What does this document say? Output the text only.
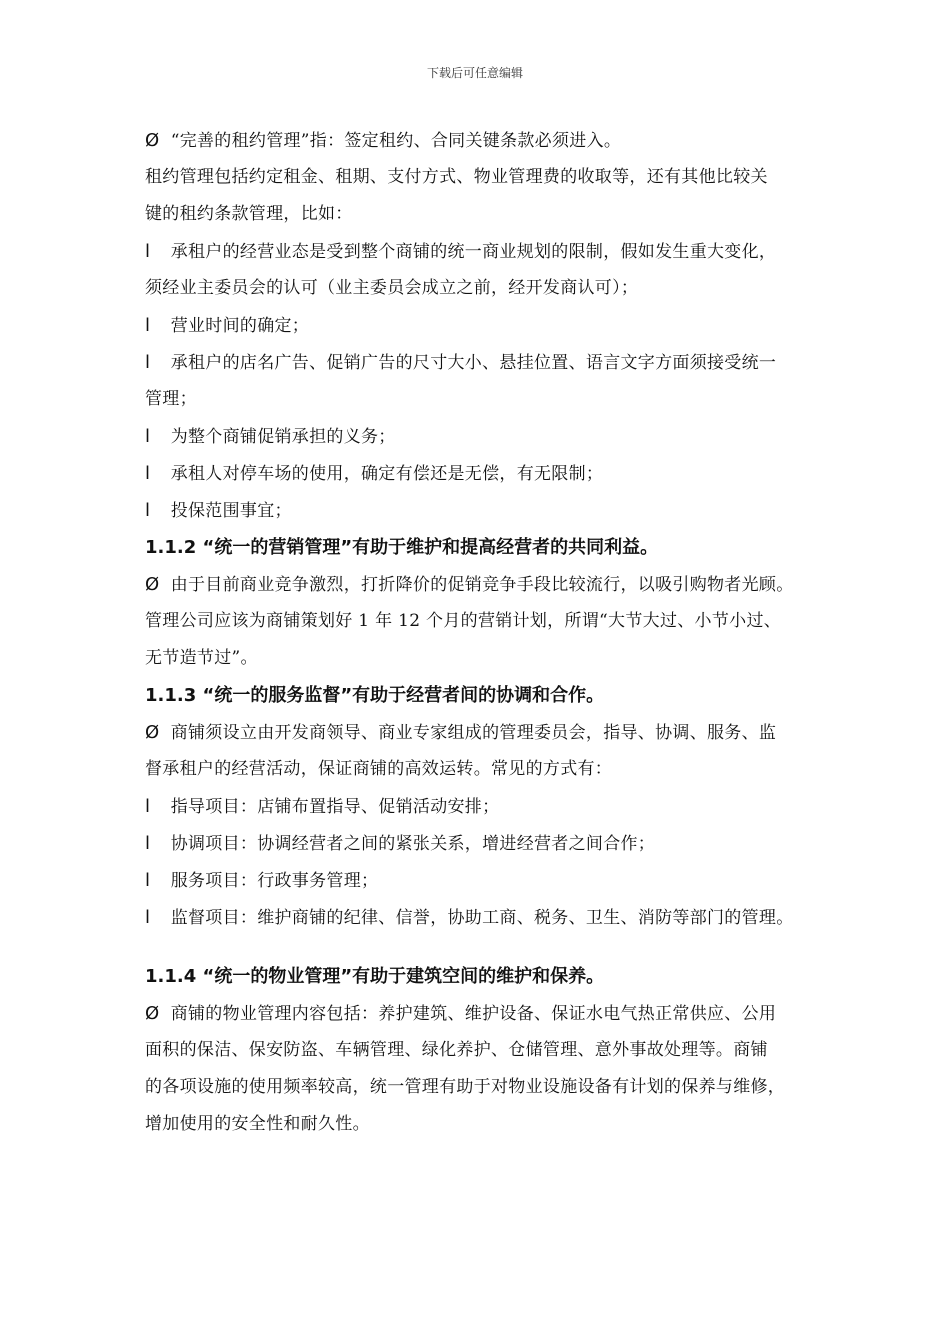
下载后可任意编辑
Ø “完善的租约管理”指：签定租约、合同关键条款必须进入。
租约管理包括约定租金、租期、支付方式、物业管理费的收取等，还有其他比较关
键的租约条款管理，比如：
l 承租户的经营业态是受到整个商铺的统一商业规划的限制，假如发生重大变化，
须经业主委员会的认可（业主委员会成立之前，经开发商认可）；
l 营业时间的确定；
l 承租户的店名广告、促销广告的尺寸大小、悬挂位置、语言文字方面须接受统一
管理；
l 为整个商铺促销承担的义务；
l 承租人对停车场的使用，确定有偿还是无偿，有无限制；
l 投保范围事宜；
1.1.2 “统一的营销管理”有助于维护和提高经营者的共同利益。
Ø 由于目前商业竞争激烈，打折降价的促销竞争手段比较流行，以吸引购物者光顾。
管理公司应该为商铺策划好 1 年 12 个月的营销计划，所谓“大节大过、小节小过、
无节造节过”。
1.1.3 “统一的服务监督”有助于经营者间的协调和合作。
Ø 商铺须设立由开发商领导、商业专家组成的管理委员会，指导、协调、服务、监
督承租户的经营活动，保证商铺的高效运转。常见的方式有：
l 指导项目：店铺布置指导、促销活动安排；
l 协调项目：协调经营者之间的紧张关系，增进经营者之间合作；
l 服务项目：行政事务管理；
l 监督项目：维护商铺的纪律、信誉，协助工商、税务、卫生、消防等部门的管理。
1.1.4 “统一的物业管理”有助于建筑空间的维护和保养。
Ø 商铺的物业管理内容包括：养护建筑、维护设备、保证水电气热正常供应、公用
面积的保洁、保安防盗、车辆管理、绿化养护、仓储管理、意外事故处理等。商铺
的各项设施的使用频率较高，统一管理有助于对物业设施设备有计划的保养与维修，
增加使用的安全性和耐久性。
